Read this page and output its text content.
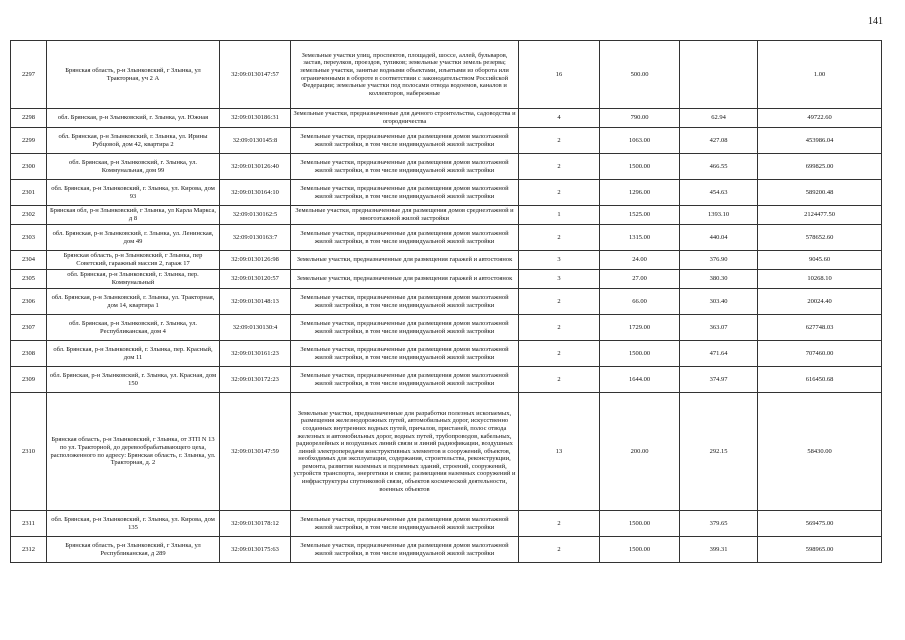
141
2297	Брянская область, р-н Злынковский, г Злынка, ул Тракторная, уч 2 А	32:09:0130147:57	Земельные участки улиц, проспектов, площадей, шоссе, аллей, бульваров, застав, переулков, проездов, тупиков; земельные участки земель резерва; земельные участки, занятые водными объектами, изъятыми из оборота или ограниченными в обороте в соответствии с законодательством Российской Федерации; земельные участки под полосами отвода водоемов, каналов и коллекторов, набережные	16	500.00		1.00
2298	обл. Брянская, р-н Злынковский, г. Злынка, ул. Южная	32:09:0130186:31	Земельные участки, предназначенные для дачного строительства, садоводства и огородничества	4	790.00	62.94	49722.60
2299	обл. Брянская, р-н Злынковский, г. Злынка, ул. Ирины Рубцовой, дом 42, квартира 2	32:09:0130145:8	Земельные участки, предназначенные для размещения домов малоэтажной жилой застройки, в том числе индивидуальной жилой застройки	2	1063.00	427.08	453986.04
2300	обл. Брянская, р-н Злынковский, г. Злынка, ул. Коммунальная, дом 99	32:09:0130126:40	Земельные участки, предназначенные для размещения домов малоэтажной жилой застройки, в том числе индивидуальной жилой застройки	2	1500.00	466.55	699825.00
2301	обл. Брянская, р-н Злынковский, г. Злынка, ул. Кирова, дом 93	32:09:0130164:10	Земельные участки, предназначенные для размещения домов малоэтажной жилой застройки, в том числе индивидуальной жилой застройки	2	1296.00	454.63	589200.48
2302	Брянская обл, р-н Злынковский, г Злынка, ул Карла Маркса, д 8	32:09:0130162:5	Земельные участки, предназначенные для размещения домов среднеэтажной и многоэтажной жилой застройки	1	1525.00	1393.10	2124477.50
2303	обл. Брянская, р-н Злынковский, г. Злынка, ул. Ленинская, дом 49	32:09:0130163:7	Земельные участки, предназначенные для размещения домов малоэтажной жилой застройки, в том числе индивидуальной жилой застройки	2	1315.00	440.04	578652.60
2304	Брянская область, р-н Злынковский, г Злынка, пер Советский, гаражный массив 2, гараж 17	32:09:0130126:98	Земельные участки, предназначенные для размещения гаражей и автостоянок	3	24.00	376.90	9045.60
2305	обл. Брянская, р-н Злынковский, г. Злынка, пер. Коммунальный	32:09:0130120:57	Земельные участки, предназначенные для размещения гаражей и автостоянок	3	27.00	380.30	10268.10
2306	обл. Брянская, р-н Злынковский, г. Злынка, ул. Тракторная, дом 14, квартира 1	32:09:0130148:13	Земельные участки, предназначенные для размещения домов малоэтажной жилой застройки, в том числе индивидуальной жилой застройки	2	66.00	303.40	20024.40
2307	обл. Брянская, р-н Злынковский, г. Злынка, ул. Республиканская, дом 4	32:09:0130130:4	Земельные участки, предназначенные для размещения домов малоэтажной жилой застройки, в том числе индивидуальной жилой застройки	2	1729.00	363.07	627748.03
2308	обл. Брянская, р-н Злынковский, г. Злынка, пер. Красный, дом 11	32:09:0130161:23	Земельные участки, предназначенные для размещения домов малоэтажной жилой застройки, в том числе индивидуальной жилой застройки	2	1500.00	471.64	707460.00
2309	обл. Брянская, р-н Злынковский, г. Злынка, ул. Красная, дом 150	32:09:0130172:23	Земельные участки, предназначенные для размещения домов малоэтажной жилой застройки, в том числе индивидуальной жилой застройки	2	1644.00	374.97	616450.68
2310	Брянская область, р-н Злынковский, г Злынка, от ЗТП N 13 по ул. Тракторной, до деревообрабатывающего цеха, расположенного по адресу: Брянская область, г. Злынка, ул. Тракторная, д. 2	32:09:0130147:59	Земельные участки, предназначенные для разработки полезных ископаемых, размещения железнодорожных путей, автомобильных дорог, искусственно созданных внутренних водных путей, причалов, пристаней, полос отвода железных и автомобильных дорог, водных путей, трубопроводов, кабельных, радиорелейных и воздушных линий связи и линий радиофикации, воздушных линий электропередачи конструктивных элементов и сооружений, объектов, необходимых для эксплуатации, содержания, строительства, реконструкции, ремонта, развития наземных и подземных зданий, строений, сооружений, устройств транспорта, энергетики и связи; размещения наземных сооружений и инфраструктуры спутниковой связи, объектов космической деятельности, военных объектов	13	200.00	292.15	58430.00
2311	обл. Брянская, р-н Злынковский, г. Злынка, ул. Кирова, дом 135	32:09:0130178:12	Земельные участки, предназначенные для размещения домов малоэтажной жилой застройки, в том числе индивидуальной жилой застройки	2	1500.00	379.65	569475.00
2312	Брянская область, р-н Злынковский, г Злынка, ул Республиканская, д 289	32:09:0130175:63	Земельные участки, предназначенные для размещения домов малоэтажной жилой застройки, в том числе индивидуальной жилой застройки	2	1500.00	399.31	598965.00
